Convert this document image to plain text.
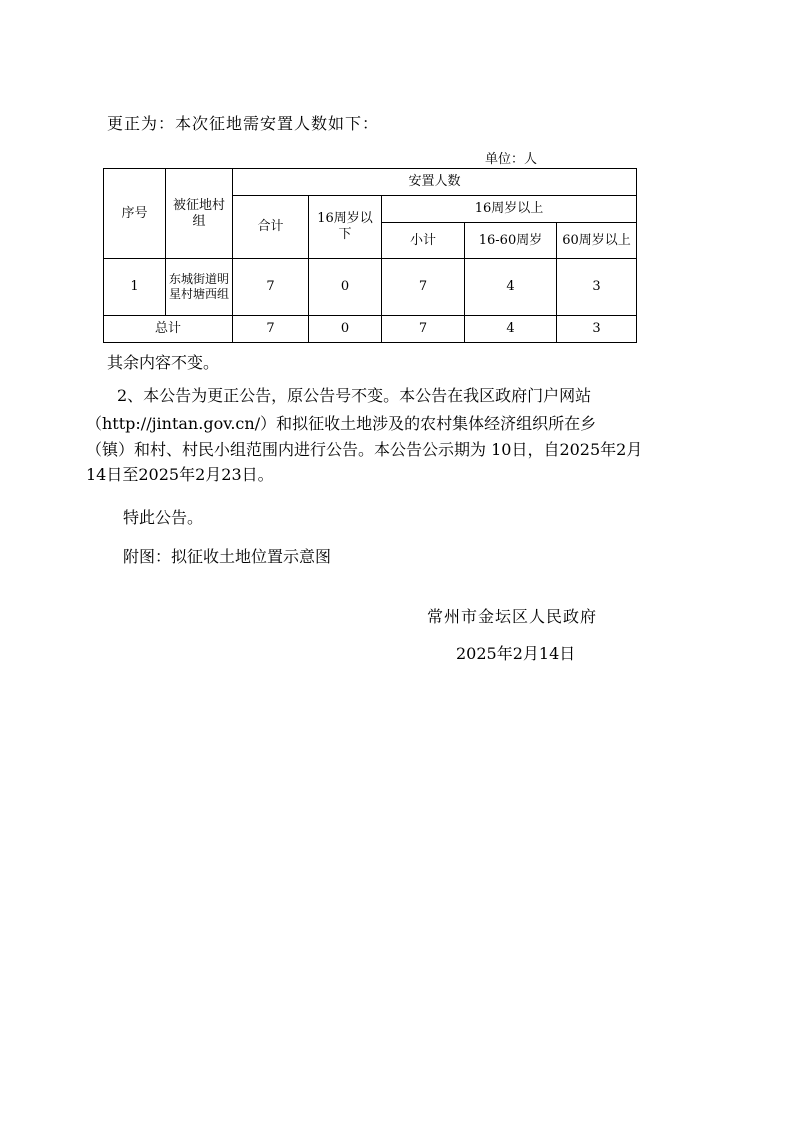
更正为：本次征地需安置人数如下：
单位：人
序号	被征地村组	安置人数				
		合计	16周岁以下	16周岁以上		
				小计	16-60周岁	60周岁以上
1	东城街道明星村塘西组	7	0	7	4	3
总计		7	0	7	4	3
其余内容不变。
2、本公告为更正公告，原公告号不变。本公告在我区政府门户网站
（http://jintan.gov.cn/）和拟征收土地涉及的农村集体经济组织所在乡
（镇）和村、村民小组范围内进行公告。本公告公示期为 10日，自2025年2月
14日至2025年2月23日。
特此公告。
附图：拟征收土地位置示意图
常州市金坛区人民政府
2025年2月14日
